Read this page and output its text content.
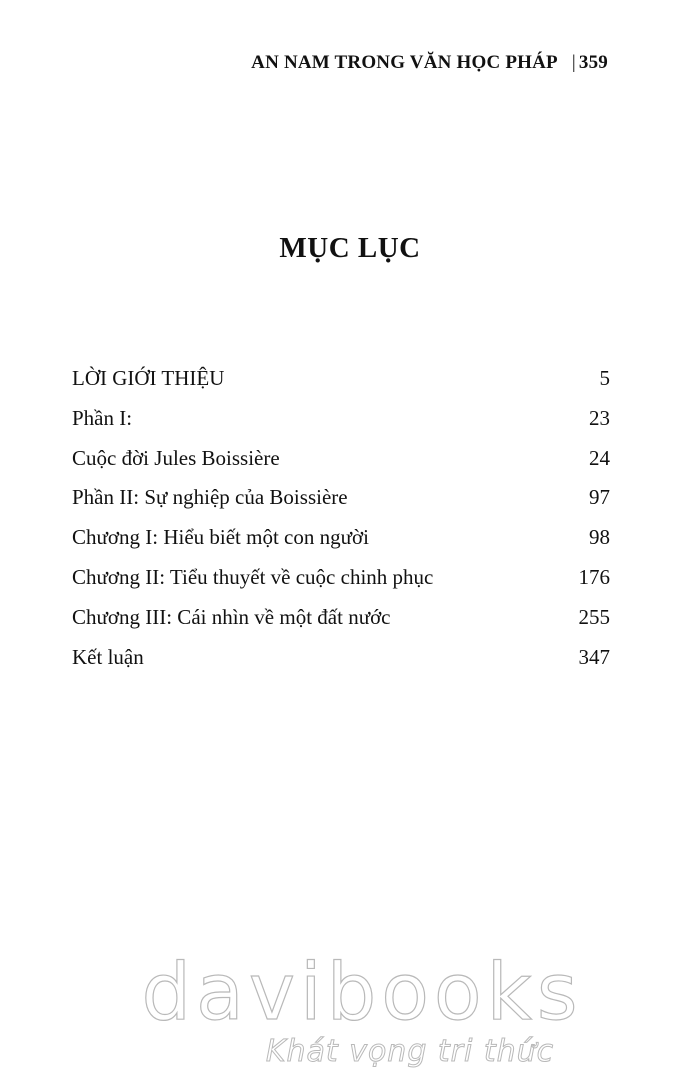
AN NAM TRONG VĂN HỌC PHÁP | 359
MỤC LỤC
LỜI GIỚI THIỆU	5
Phần I:	23
Cuộc đời Jules Boissière	24
Phần II: Sự nghiệp của Boissière	97
Chương I: Hiểu biết một con người	98
Chương II: Tiểu thuyết về cuộc chinh phục	176
Chương III: Cái nhìn về một đất nước	255
Kết luận	347
davibooks
Khát vọng tri thức
